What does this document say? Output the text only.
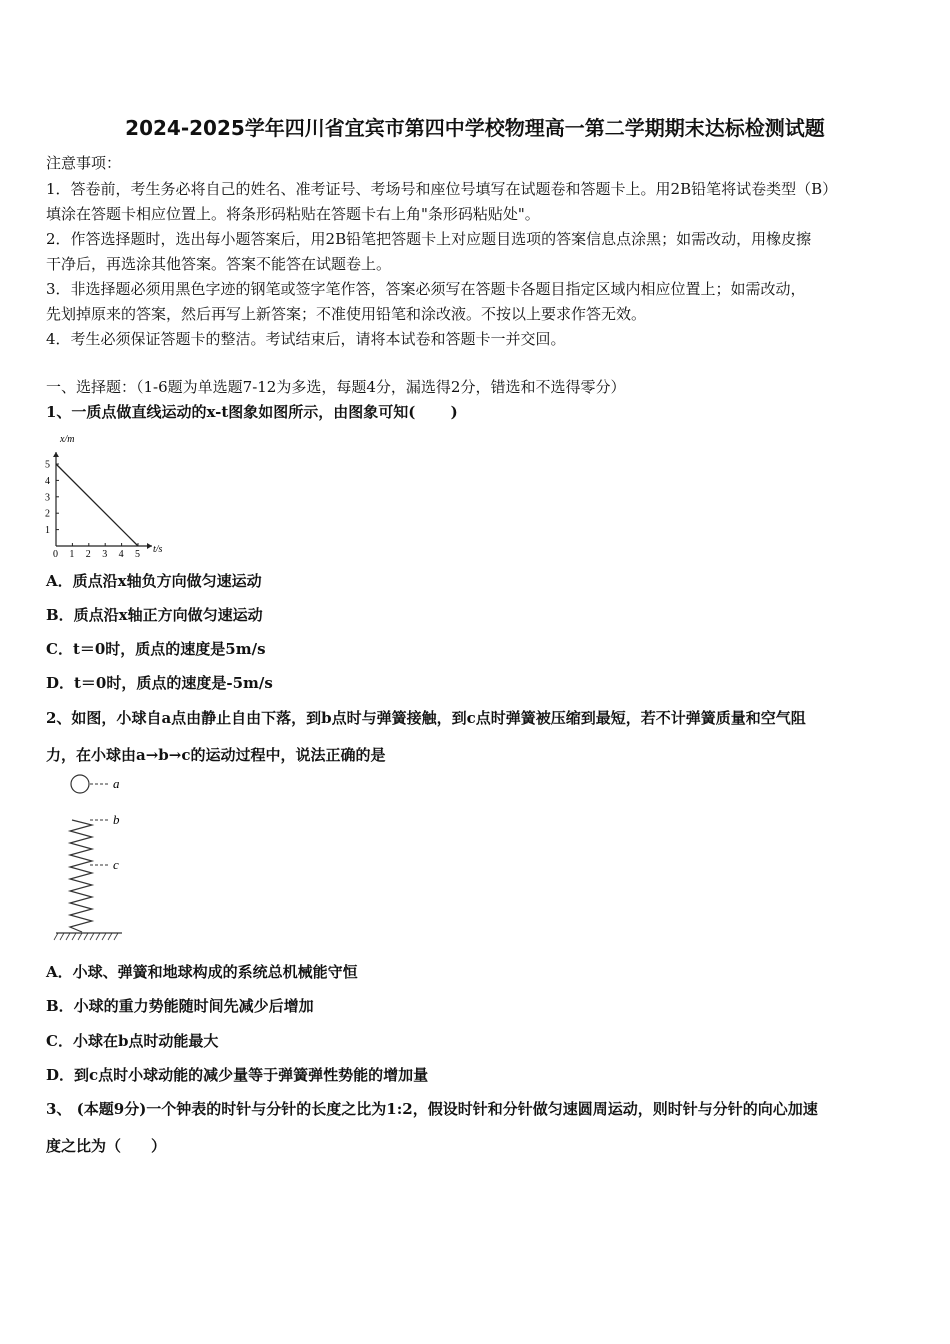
2024-2025学年四川省宜宾市第四中学校物理高一第二学期期末达标检测试题
注意事项：
1．答卷前，考生务必将自己的姓名、准考证号、考场号和座位号填写在试题卷和答题卡上。用2B铅笔将试卷类型（B）
填涂在答题卡相应位置上。将条形码粘贴在答题卡右上角"条形码粘贴处"。
2．作答选择题时，选出每小题答案后，用2B铅笔把答题卡上对应题目选项的答案信息点涂黑；如需改动，用橡皮擦
干净后，再选涂其他答案。答案不能答在试题卷上。
3．非选择题必须用黑色字迹的钢笔或签字笔作答，答案必须写在答题卡各题目指定区域内相应位置上；如需改动，
先划掉原来的答案，然后再写上新答案；不准使用铅笔和涂改液。不按以上要求作答无效。
4．考生必须保证答题卡的整洁。考试结束后，请将本试卷和答题卡一并交回。
一、选择题：（1-6题为单选题7-12为多选，每题4分，漏选得2分，错选和不选得零分）
1、一质点做直线运动的x-t图象如图所示，由图象可知(　　 )
0 1 2 3 4 5
1
2
3
4
5
x/m
t/s
A．质点沿x轴负方向做匀速运动
B．质点沿x轴正方向做匀速运动
C．t＝0时，质点的速度是5m/s
D．t＝0时，质点的速度是-5m/s
2、如图，小球自a点由静止自由下落，到b点时与弹簧接触，到c点时弹簧被压缩到最短，若不计弹簧质量和空气阻
力，在小球由a→b→c的运动过程中，说法正确的是
a
b
c
A．小球、弹簧和地球构成的系统总机械能守恒
B．小球的重力势能随时间先减少后增加
C．小球在b点时动能最大
D．到c点时小球动能的减少量等于弹簧弹性势能的增加量
3、 (本题9分)一个钟表的时针与分针的长度之比为1:2，假设时针和分针做匀速圆周运动，则时针与分针的向心加速
度之比为（　　）
